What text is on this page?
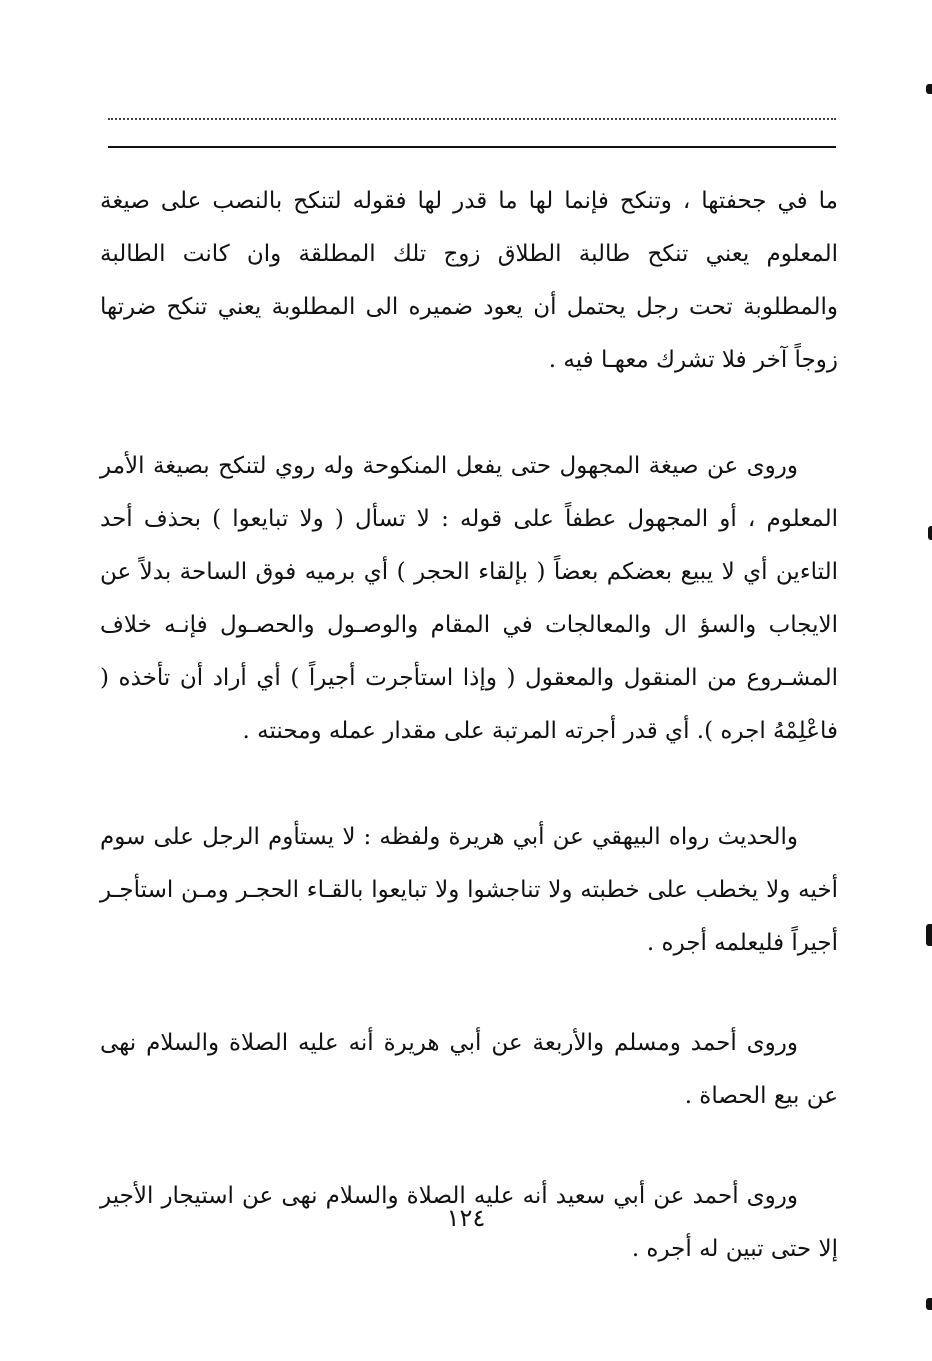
ما في جحفتها ، وتنكح فإنما لها ما قدر لها فقوله لتنكح بالنصب على صيغة المعلوم يعني تنكح طالبة الطلاق زوج تلك المطلقة وان كانت الطالبة والمطلوبة تحت رجل يحتمل أن يعود ضميره الى المطلوبة يعني تنكح ضرتها زوجاً آخر فلا تشرك معهـا فيه .

وروى عن صيغة المجهول حتى يفعل المنكوحة وله روي لتنكح بصيغة الأمر المعلوم ، أو المجهول عطفاً على قوله : لا تسأل ( ولا تبايعوا ) بحذف أحد التاءين أي لا يبيع بعضكم بعضاً ( بإلقاء الحجر ) أي برميه فوق الساحة بدلاً عن الايجاب والسؤ ال والمعالجات في المقام والوصـول والحصـول فإنـه خلاف المشـروع من المنقول والمعقول ( وإذا استأجرت أجيراً ) أي أراد أن تأخذه ( فاعْلِمْهُ اجره ). أي قدر أجرته المرتبة على مقدار عمله ومحنته .

والحديث رواه البيهقي عن أبي هريرة ولفظه : لا يستأوم الرجل على سوم أخيه ولا يخطب على خطبته ولا تناجشوا ولا تبايعوا بالقـاء الحجـر ومـن استأجـر أجيراً فليعلمه أجره .

وروى أحمد ومسلم والأربعة عن أبي هريرة أنه عليه الصلاة والسلام نهى عن بيع الحصاة .

وروى أحمد عن أبي سعيد أنه عليه الصلاة والسلام نهى عن استيجار الأجير إلا حتى تبين له أجره .

١٢٤
